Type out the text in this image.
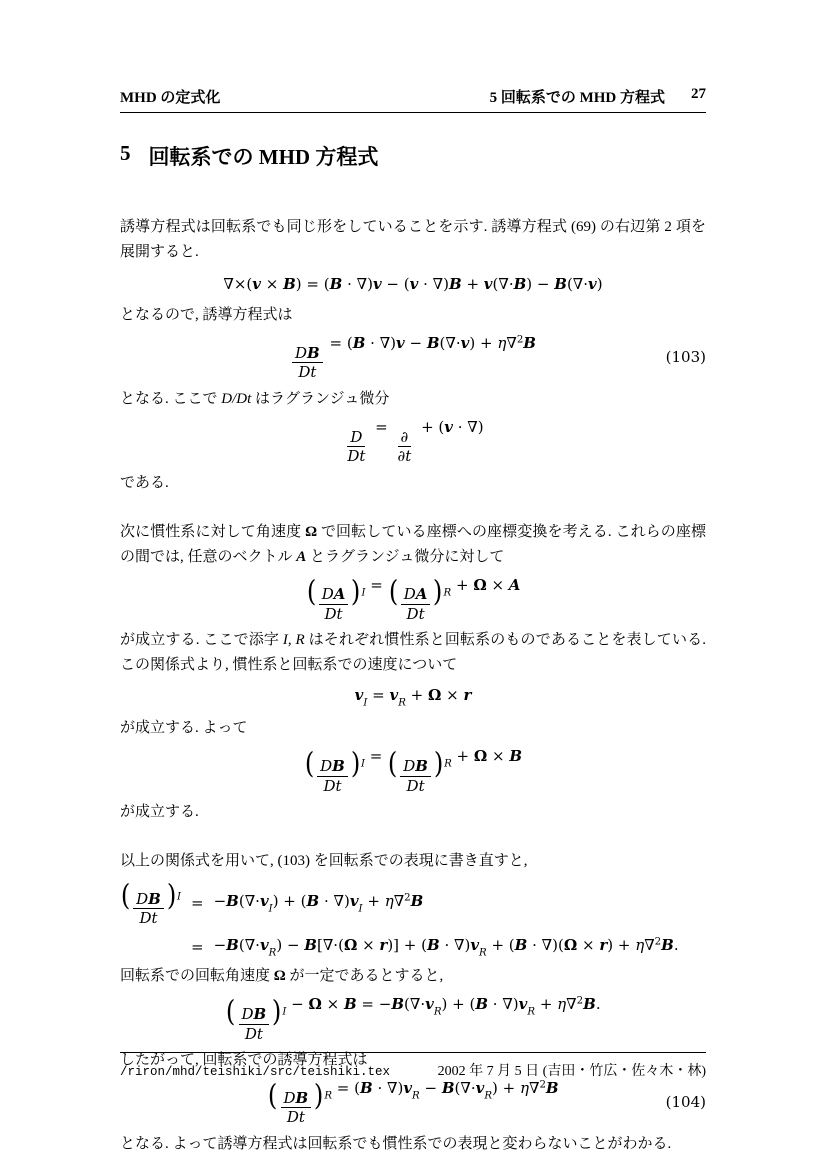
MHD の定式化	5 回転系での MHD 方程式 27
5 回転系での MHD 方程式
誘導方程式は回転系でも同じ形をしていることを示す. 誘導方程式 (69) の右辺第 2 項を展開すると.
∇×(v × B) = (B · ∇)v − (v · ∇)B + v(∇·B) − B(∇·v)
となるので, 誘導方程式は
$\frac{DB}{Dt}$
= (B · ∇)v − B(∇·v) + η∇$^2$B
(103)
となる. ここで D/Dt はラグランジュ微分
$\frac{D}{Dt}$
=
$\frac{\partial}{\partial t}$
+ (v · ∇)
である.
次に慣性系に対して角速度 Ω で回転している座標への座標変換を考える. これらの座標の間では, 任意のベクトル A とラグランジュ微分に対して
( $\frac{DA}{Dt} )_I$ = ( $\frac{DA}{Dt} )_R + \Omega \times A$
が成立する. ここで添字 I, R はそれぞれ慣性系と回転系のものであることを表している. この関係式より, 慣性系と回転系での速度について
$v_I = v_R + \Omega \times r$
が成立する. よって
( $\frac{DB}{Dt} )_I$ = ( $\frac{DB}{Dt} )_R + \Omega \times B$
が成立する.
以上の関係式を用いて, (103) を回転系での表現に書き直すと,
( $\frac{DB}{Dt} )_I = -B(\nabla\cdot v_I) + (B \cdot \nabla)v_I + \eta\nabla^2B$
= $-B(\nabla\cdot v_R) - B[\nabla\cdot(\Omega \times r)] + (B \cdot \nabla)v_R + (B \cdot \nabla)(\Omega \times r) + \eta\nabla^2B$.
回転系での回転角速度 Ω が一定であるとすると,
( $\frac{DB}{Dt} )_I - \Omega \times B = -B(\nabla\cdot v_R) + (B \cdot \nabla)v_R + \eta\nabla^2B$.
したがって, 回転系での誘導方程式は
( $\frac{DB}{Dt} )_R = (B \cdot \nabla)v_R - B(\nabla\cdot v_R) + \eta\nabla^2B$
(104)
となる. よって誘導方程式は回転系でも慣性系での表現と変わらないことがわかる.
/riron/mhd/teishiki/src/teishiki.tex	2002 年 7 月 5 日 (吉田・竹広・佐々木・林)
